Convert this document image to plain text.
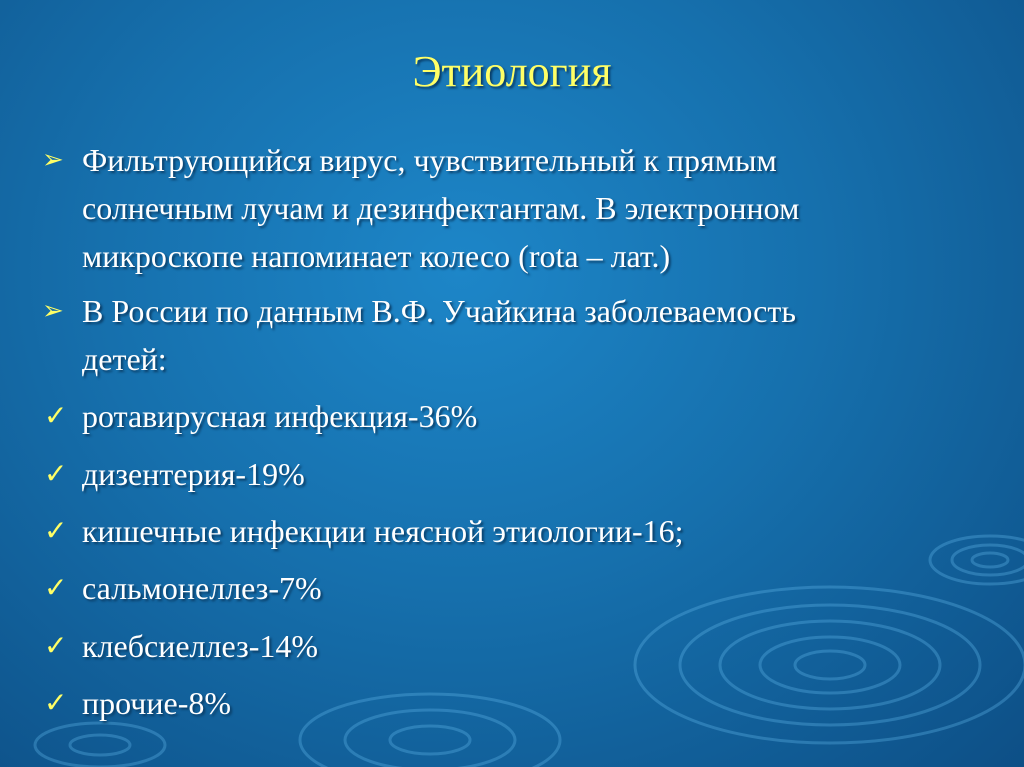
Этиология
➢ Фильтрующийся вирус, чувствительный к прямым
солнечным лучам и дезинфектантам. В электронном
микроскопе напоминает колесо (rota – лат.)
➢ В России по данным В.Ф. Учайкина заболеваемость
детей:
✓ ротавирусная инфекция-36%
✓ дизентерия-19%
✓ кишечные инфекции неясной этиологии-16;
✓ сальмонеллез-7%
✓ клебсиеллез-14%
✓ прочие-8%
